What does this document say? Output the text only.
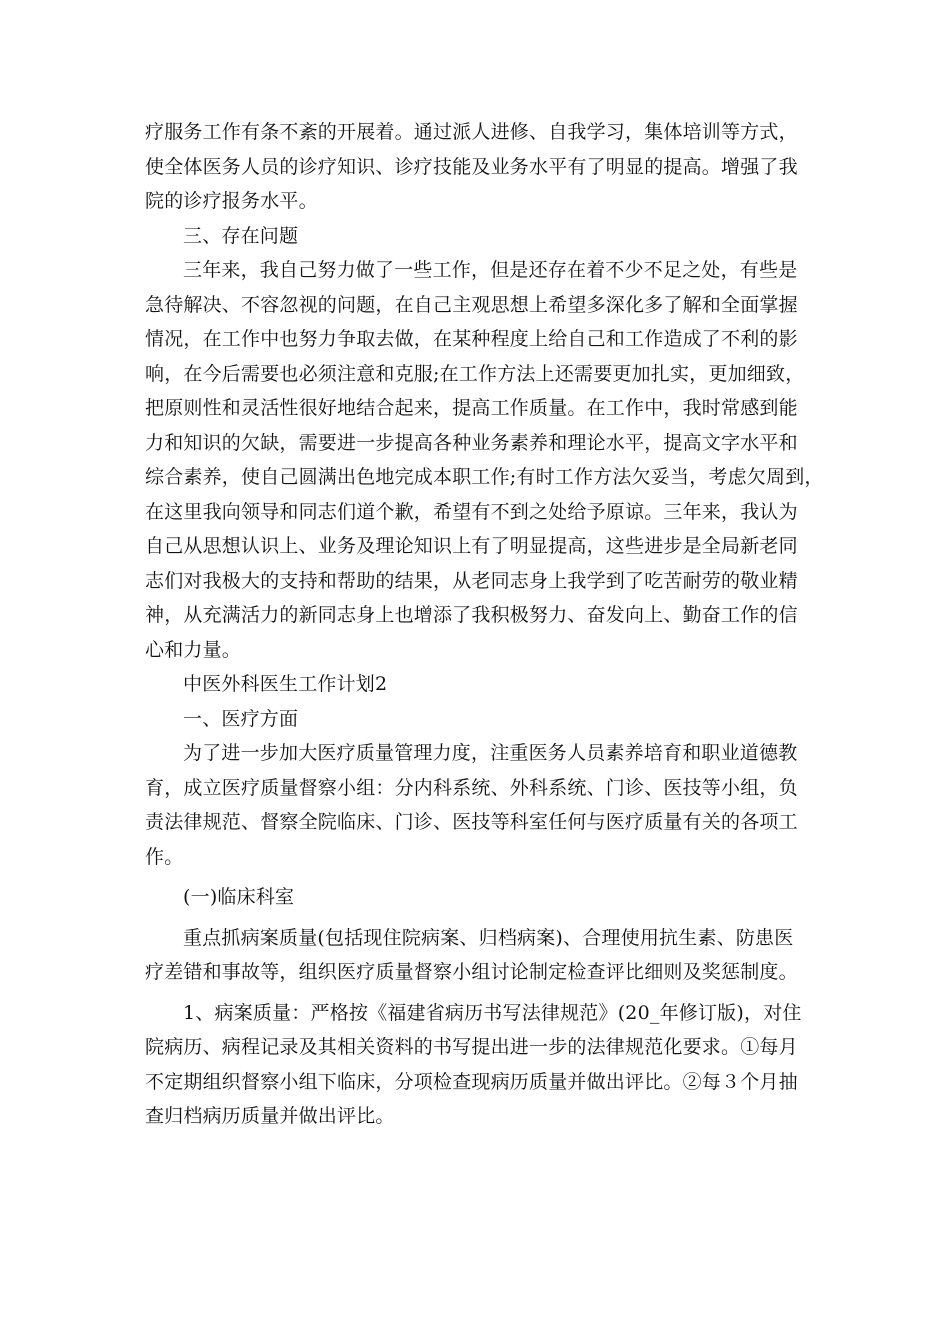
疗服务工作有条不紊的开展着。通过派人进修、自我学习，集体培训等方式，
使全体医务人员的诊疗知识、诊疗技能及业务水平有了明显的提高。增强了我
院的诊疗报务水平。
三、存在问题
三年来，我自己努力做了一些工作，但是还存在着不少不足之处，有些是
急待解决、不容忽视的问题，在自己主观思想上希望多深化多了解和全面掌握
情况，在工作中也努力争取去做，在某种程度上给自己和工作造成了不利的影
响，在今后需要也必须注意和克服;在工作方法上还需要更加扎实，更加细致，
把原则性和灵活性很好地结合起来，提高工作质量。在工作中，我时常感到能
力和知识的欠缺，需要进一步提高各种业务素养和理论水平，提高文字水平和
综合素养，使自己圆满出色地完成本职工作;有时工作方法欠妥当，考虑欠周到，
在这里我向领导和同志们道个歉，希望有不到之处给予原谅。三年来，我认为
自己从思想认识上、业务及理论知识上有了明显提高，这些进步是全局新老同
志们对我极大的支持和帮助的结果，从老同志身上我学到了吃苦耐劳的敬业精
神，从充满活力的新同志身上也增添了我积极努力、奋发向上、勤奋工作的信
心和力量。
中医外科医生工作计划2
一、医疗方面
为了进一步加大医疗质量管理力度，注重医务人员素养培育和职业道德教
育，成立医疗质量督察小组：分内科系统、外科系统、门诊、医技等小组，负
责法律规范、督察全院临床、门诊、医技等科室任何与医疗质量有关的各项工
作。
(一)临床科室
重点抓病案质量(包括现住院病案、归档病案)、合理使用抗生素、防患医
疗差错和事故等，组织医疗质量督察小组讨论制定检查评比细则及奖惩制度。
1、病案质量：严格按《福建省病历书写法律规范》(20_年修订版)，对住
院病历、病程记录及其相关资料的书写提出进一步的法律规范化要求。①每月
不定期组织督察小组下临床，分项检查现病历质量并做出评比。②每３个月抽
查归档病历质量并做出评比。
